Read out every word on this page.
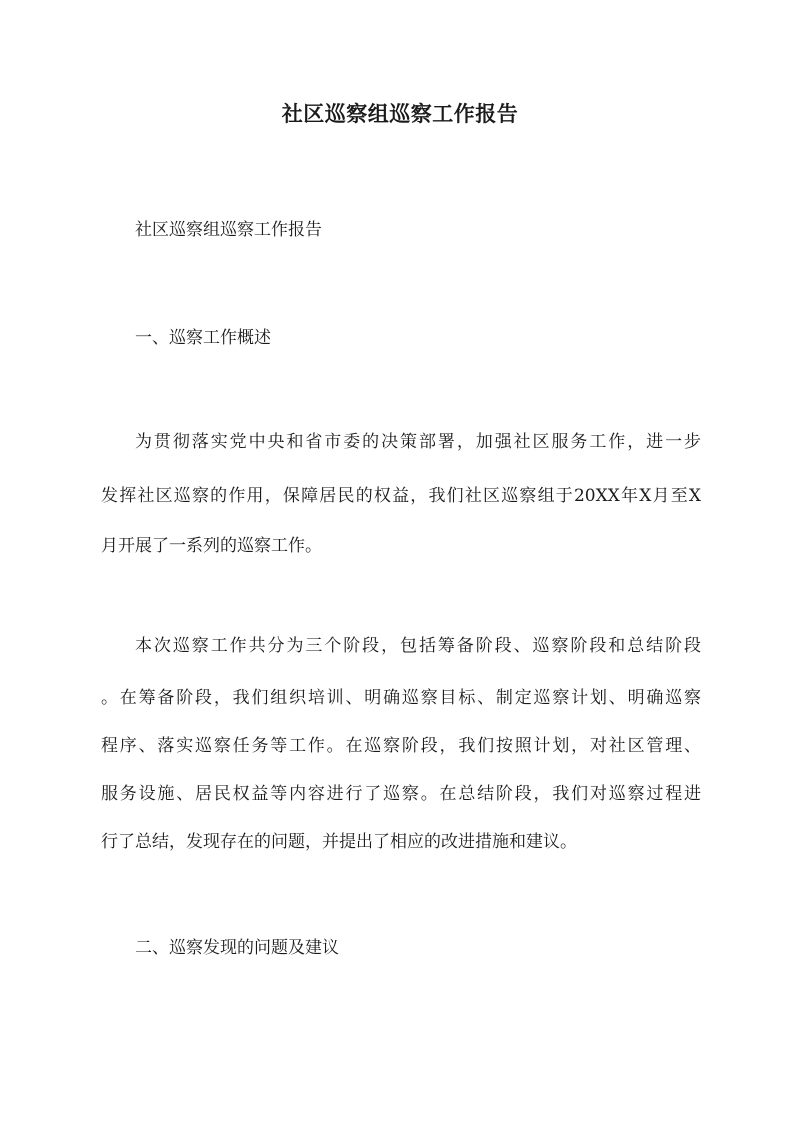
社区巡察组巡察工作报告

社区巡察组巡察工作报告

一、巡察工作概述

为贯彻落实党中央和省市委的决策部署，加强社区服务工作，进一步

发挥社区巡察的作用，保障居民的权益，我们社区巡察组于20XX年X月至X

月开展了一系列的巡察工作。

本次巡察工作共分为三个阶段，包括筹备阶段、巡察阶段和总结阶段

。在筹备阶段，我们组织培训、明确巡察目标、制定巡察计划、明确巡察

程序、落实巡察任务等工作。在巡察阶段，我们按照计划，对社区管理、

服务设施、居民权益等内容进行了巡察。在总结阶段，我们对巡察过程进

行了总结，发现存在的问题，并提出了相应的改进措施和建议。

二、巡察发现的问题及建议
